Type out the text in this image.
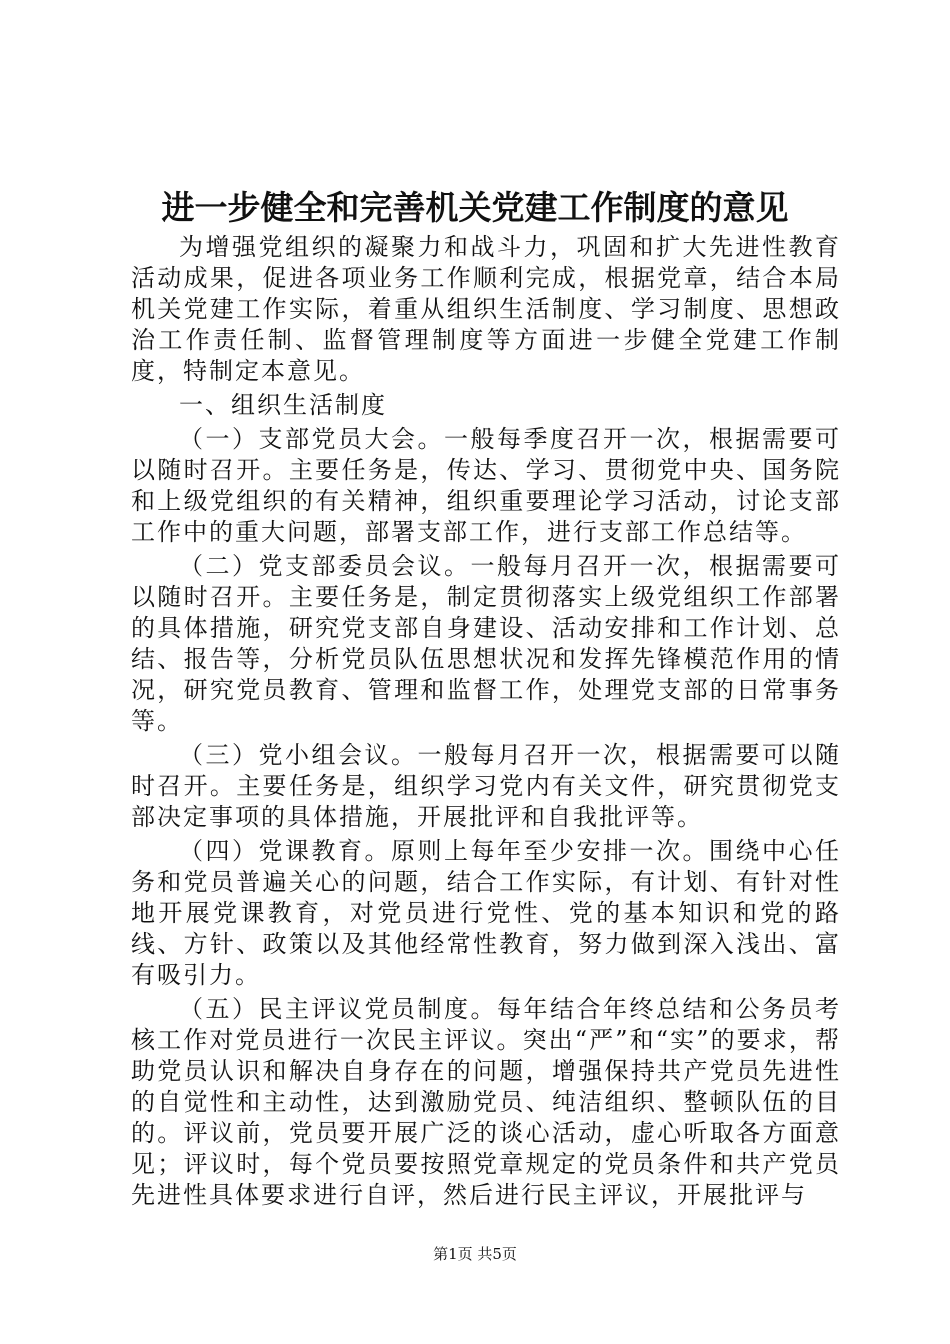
进一步健全和完善机关党建工作制度的意见

为增强党组织的凝聚力和战斗力，巩固和扩大先进性教育活动成果，促进各项业务工作顺利完成，根据党章，结合本局机关党建工作实际，着重从组织生活制度、学习制度、思想政治工作责任制、监督管理制度等方面进一步健全党建工作制度，特制定本意见。

一、组织生活制度

（一）支部党员大会。一般每季度召开一次，根据需要可以随时召开。主要任务是，传达、学习、贯彻党中央、国务院和上级党组织的有关精神，组织重要理论学习活动，讨论支部工作中的重大问题，部署支部工作，进行支部工作总结等。

（二）党支部委员会议。一般每月召开一次，根据需要可以随时召开。主要任务是，制定贯彻落实上级党组织工作部署的具体措施，研究党支部自身建设、活动安排和工作计划、总结、报告等，分析党员队伍思想状况和发挥先锋模范作用的情况，研究党员教育、管理和监督工作，处理党支部的日常事务等。

（三）党小组会议。一般每月召开一次，根据需要可以随时召开。主要任务是，组织学习党内有关文件，研究贯彻党支部决定事项的具体措施，开展批评和自我批评等。

（四）党课教育。原则上每年至少安排一次。围绕中心任务和党员普遍关心的问题，结合工作实际，有计划、有针对性地开展党课教育，对党员进行党性、党的基本知识和党的路线、方针、政策以及其他经常性教育，努力做到深入浅出、富有吸引力。

（五）民主评议党员制度。每年结合年终总结和公务员考核工作对党员进行一次民主评议。突出“严”和“实”的要求，帮助党员认识和解决自身存在的问题，增强保持共产党员先进性的自觉性和主动性，达到激励党员、纯洁组织、整顿队伍的目的。评议前，党员要开展广泛的谈心活动，虚心听取各方面意见；评议时，每个党员要按照党章规定的党员条件和共产党员先进性具体要求进行自评，然后进行民主评议，开展批评与

第1页 共5页
